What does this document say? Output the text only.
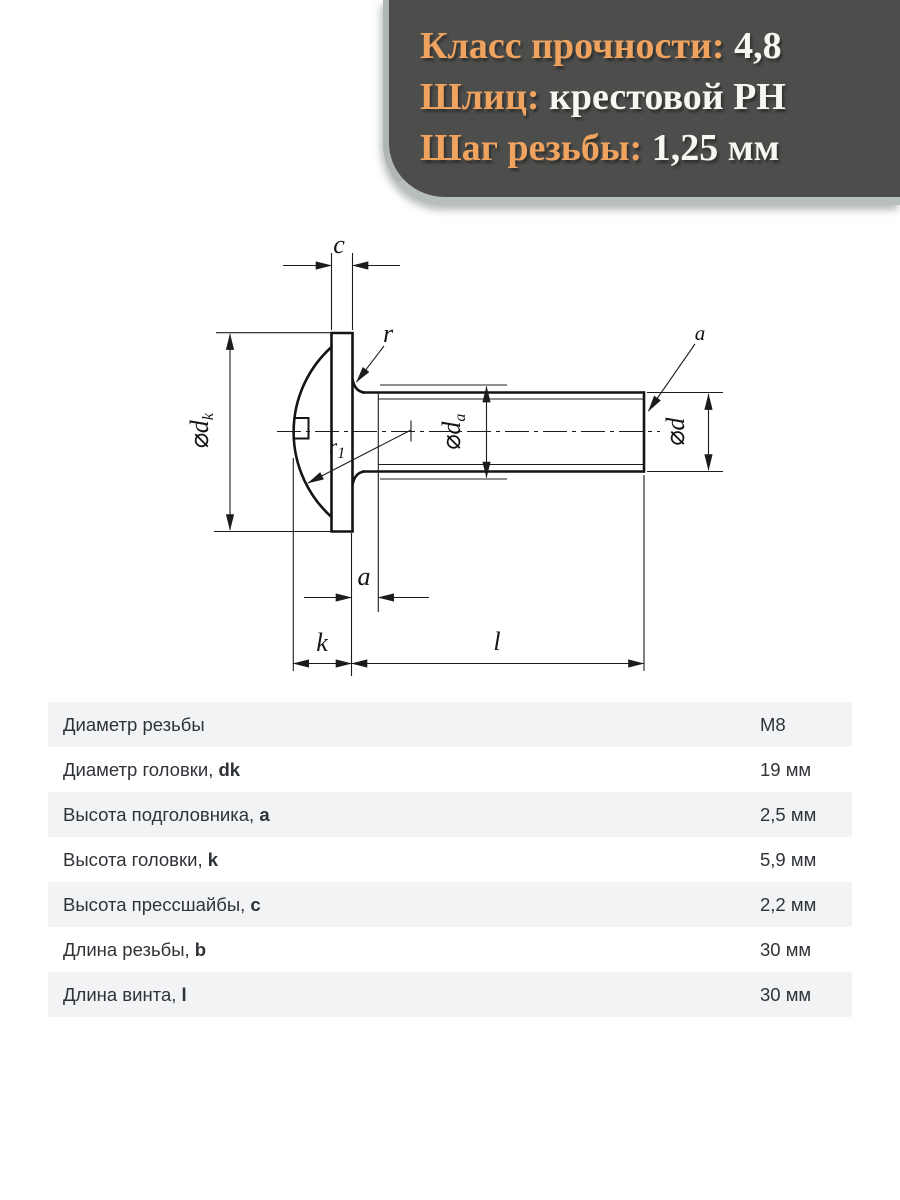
c
r	a
$r_1$
⌀dk
⌀da	⌀d
a
k	l
Класс прочности: 4,8
Шлиц: крестовой PH
Шаг резьбы: 1,25 мм
Диаметр резьбы	М8
Диаметр головки, dk	19 мм
Высота подголовника, a	2,5 мм
Высота головки, k	5,9 мм
Высота прессшайбы, c	2,2 мм
Длина резьбы, b	30 мм
Длина винта, l	30 мм
